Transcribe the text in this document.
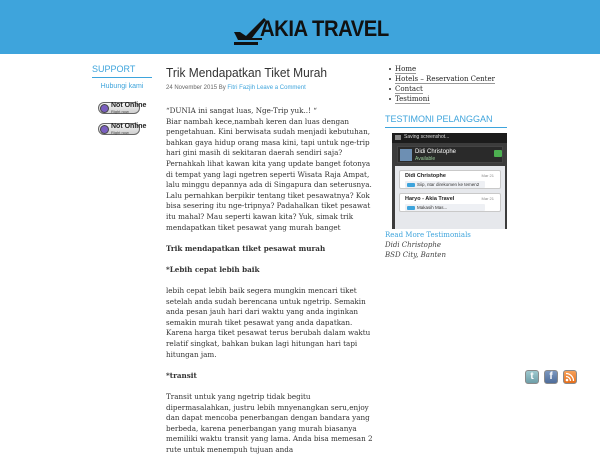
AKIA TRAVEL
SUPPORT
Hubungi kami
Not Online
Right now
Not Online
Right now
Trik Mendapatkan Tiket Murah
24 November 2015 By Fitri Fazjih Leave a Comment

“DUNIA ini sangat luas, Nge-Trip yuk..! “
Biar nambah kece,nambah keren dan luas dengan pengetahuan. Kini berwisata sudah menjadi kebutuhan, bahkan gaya hidup orang masa kini, tapi untuk nge-trip hari gini masih di sekitaran daerah sendiri saja? Pernahkah lihat kawan kita yang update banget fotonya di tempat yang lagi ngetren seperti Wisata Raja Ampat, lalu minggu depannya ada di Singapura dan seterusnya. Lalu pernahkan berpikir tentang tiket pesawatnya? Kok bisa sesering itu nge-tripnya? Padahalkan tiket pesawat itu mahal? Mau seperti kawan kita? Yuk, simak trik mendapatkan tiket pesawat yang murah banget

Trik mendapatkan tiket pesawat murah

*Lebih cepat lebih baik

lebih cepat lebih baik segera mungkin mencari tiket setelah anda sudah berencana untuk ngetrip. Semakin anda pesan jauh hari dari waktu yang anda inginkan semakin murah tiket pesawat yang anda dapatkan. Karena harga tiket pesawat terus berubah dalam waktu relatif singkat, bahkan bukan lagi hitungan hari tapi hitungan jam.

*transit

Transit untuk yang ngetrip tidak begitu dipermasalahkan, justru lebih mnyenangkan seru,enjoy dan dapat mencoba penerbangan dengan bandara yang berbeda, karena penerbangan yang murah biasanya memiliki waktu transit yang lama. Anda bisa memesan 2 rute untuk menempuh tujuan anda

Home
Hotels – Reservation Center
Contact
Testimoni
TESTIMONI PELANGGAN
Saving screenshot...
Didi Christophe
Available
Didi Christophe	Mar 21
Siip, ntar direkomen ke temen2
Haryo - Akia Travel	Mar 21
Makasih Mas...
Read More Testimonials
Didi Christophe
BSD City, Banten
t	f
